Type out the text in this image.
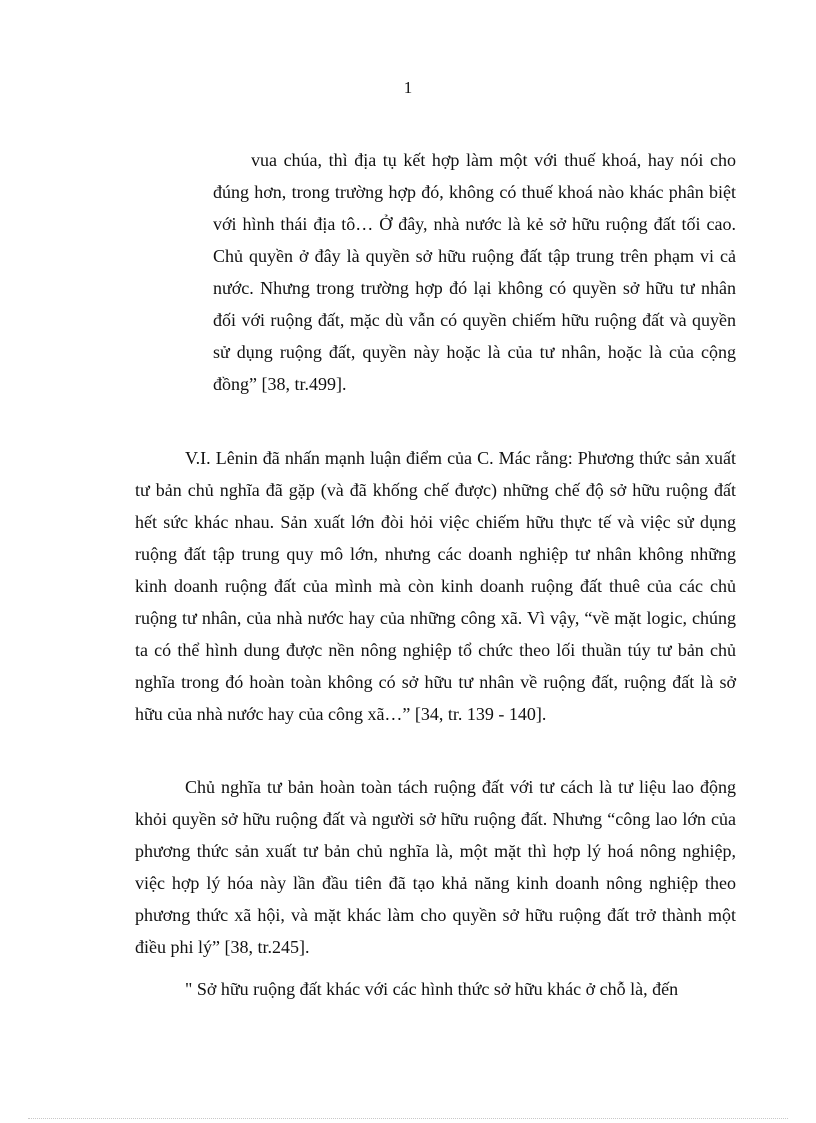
1

vua chúa, thì địa tụ kết hợp làm một với thuế khoá, hay nói cho đúng hơn, trong trường hợp đó, không có thuế khoá nào khác phân biệt với hình thái địa tô… Ở đây, nhà nước là kẻ sở hữu ruộng đất tối cao. Chủ quyền ở đây là quyền sở hữu ruộng đất tập trung trên phạm vi cả nước. Nhưng trong trường hợp đó lại không có quyền sở hữu tư nhân đối với ruộng đất, mặc dù vẫn có quyền chiếm hữu ruộng đất và quyền sử dụng ruộng đất, quyền này hoặc là của tư nhân, hoặc là của cộng đồng” [38, tr.499].

V.I. Lênin đã nhấn mạnh luận điểm của C. Mác rằng: Phương thức sản xuất tư bản chủ nghĩa đã gặp (và đã khống chế được) những chế độ sở hữu ruộng đất hết sức khác nhau. Sản xuất lớn đòi hỏi việc chiếm hữu thực tế và việc sử dụng ruộng đất tập trung quy mô lớn, nhưng các doanh nghiệp tư nhân không những kinh doanh ruộng đất của mình mà còn kinh doanh ruộng đất thuê của các chủ ruộng tư nhân, của nhà nước hay của những công xã. Vì vậy, “về mặt logic, chúng ta có thể hình dung được nền nông nghiệp tổ chức theo lối thuần túy tư bản chủ nghĩa trong đó hoàn toàn không có sở hữu tư nhân về ruộng đất, ruộng đất là sở hữu của nhà nước hay của công xã…” [34, tr. 139 - 140].

Chủ nghĩa tư bản hoàn toàn tách ruộng đất với tư cách là tư liệu lao động khỏi quyền sở hữu ruộng đất và người sở hữu ruộng đất. Nhưng “công lao lớn của phương thức sản xuất tư bản chủ nghĩa là, một mặt thì hợp lý hoá nông nghiệp, việc hợp lý hóa này lần đầu tiên đã tạo khả năng kinh doanh nông nghiệp theo phương thức xã hội, và mặt khác làm cho quyền sở hữu ruộng đất trở thành một điều phi lý” [38, tr.245].

" Sở hữu ruộng đất khác với các hình thức sở hữu khác ở chỗ là, đến
